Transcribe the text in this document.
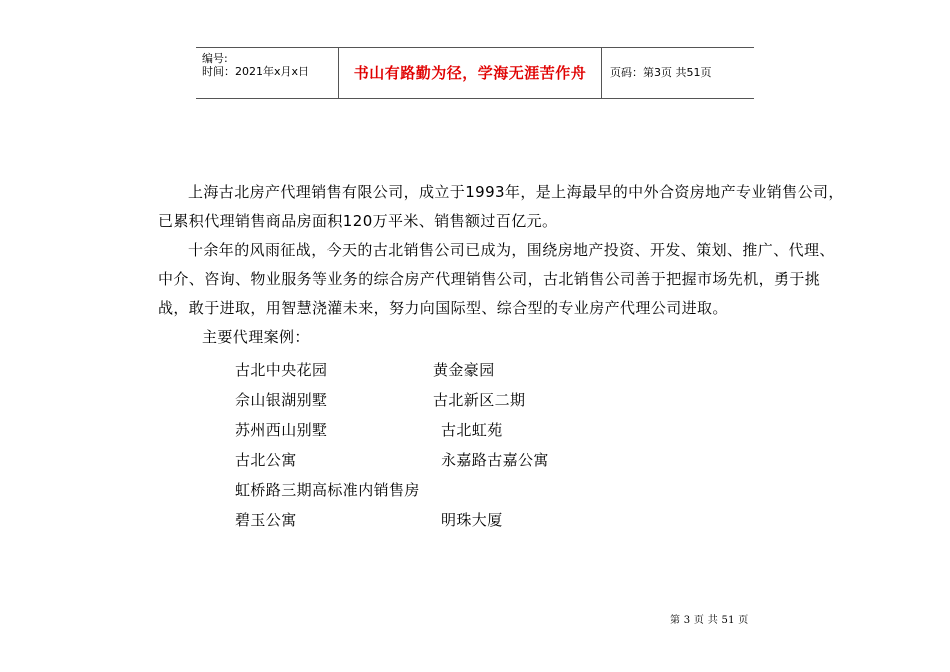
编号:
时间：2021年x月x日	书山有路勤为径，学海无涯苦作舟	页码：第3页 共51页

上海古北房产代理销售有限公司，成立于1993年，是上海最早的中外合资房地产专业销售公司，已累积代理销售商品房面积120万平米、销售额过百亿元。

十余年的风雨征战，今天的古北销售公司已成为，围绕房地产投资、开发、策划、推广、代理、中介、咨询、物业服务等业务的综合房产代理销售公司，古北销售公司善于把握市场先机，勇于挑战，敢于进取，用智慧浇灌未来，努力向国际型、综合型的专业房产代理公司进取。

主要代理案例：

古北中央花园	黄金豪园
佘山银湖别墅	古北新区二期
苏州西山别墅	古北虹苑
古北公寓	永嘉路古嘉公寓
虹桥路三期高标准内销售房
碧玉公寓	明珠大厦
第 3 页 共 51 页
